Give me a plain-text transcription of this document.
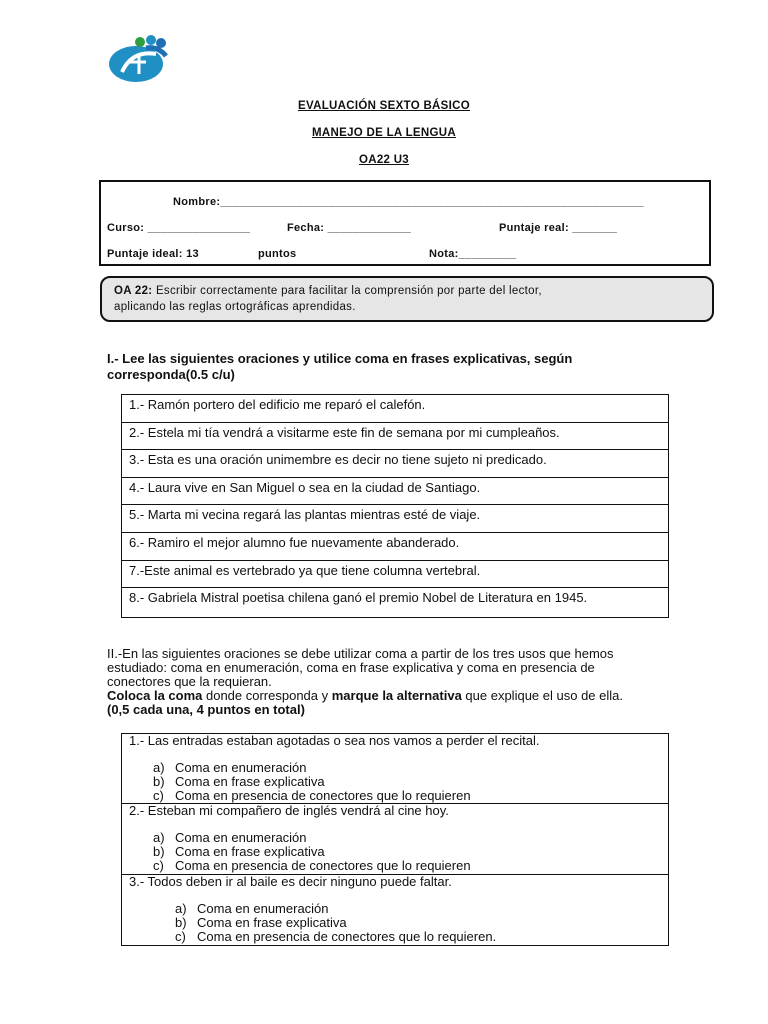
EVALUACIÓN SEXTO BÁSICO
MANEJO DE LA LENGUA
OA22 U3
Nombre:__________________________________________________________________
Curso: ________________	Fecha: _____________	Puntaje real: _______
Puntaje ideal: 13	puntos	Nota:_________
OA 22: Escribir correctamente para facilitar la comprensión por parte del lector,
aplicando las reglas ortográficas aprendidas.
I.- Lee las siguientes oraciones y utilice coma en frases explicativas, según
corresponda(0.5 c/u)
1.- Ramón portero del edificio me reparó el calefón.
2.- Estela mi tía vendrá a visitarme este fin de semana por mi cumpleaños.
3.- Esta es una oración unimembre es decir no tiene sujeto ni predicado.
4.- Laura vive en San Miguel o sea en la ciudad de Santiago.
5.- Marta mi vecina regará las plantas mientras esté de viaje.
6.- Ramiro el mejor alumno fue nuevamente abanderado.
7.-Este animal es vertebrado ya que tiene columna vertebral.
8.- Gabriela Mistral poetisa chilena ganó el premio Nobel de Literatura en 1945.
II.-En las siguientes oraciones se debe utilizar coma a partir de los tres usos que hemos
estudiado: coma en enumeración, coma en frase explicativa y coma en presencia de
conectores que la requieran.
Coloca la coma donde corresponda y marque la alternativa que explique el uso de ella.
(0,5 cada una, 4 puntos en total)
1.- Las entradas estaban agotadas o sea nos vamos a perder el recital.
a) Coma en enumeración
b) Coma en frase explicativa
c) Coma en presencia de conectores que lo requieren

2.- Esteban mi compañero de inglés vendrá al cine hoy.
a) Coma en enumeración
b) Coma en frase explicativa
c) Coma en presencia de conectores que lo requieren

3.- Todos deben ir al baile es decir ninguno puede faltar.
a) Coma en enumeración
b) Coma en frase explicativa
c) Coma en presencia de conectores que lo requieren.
